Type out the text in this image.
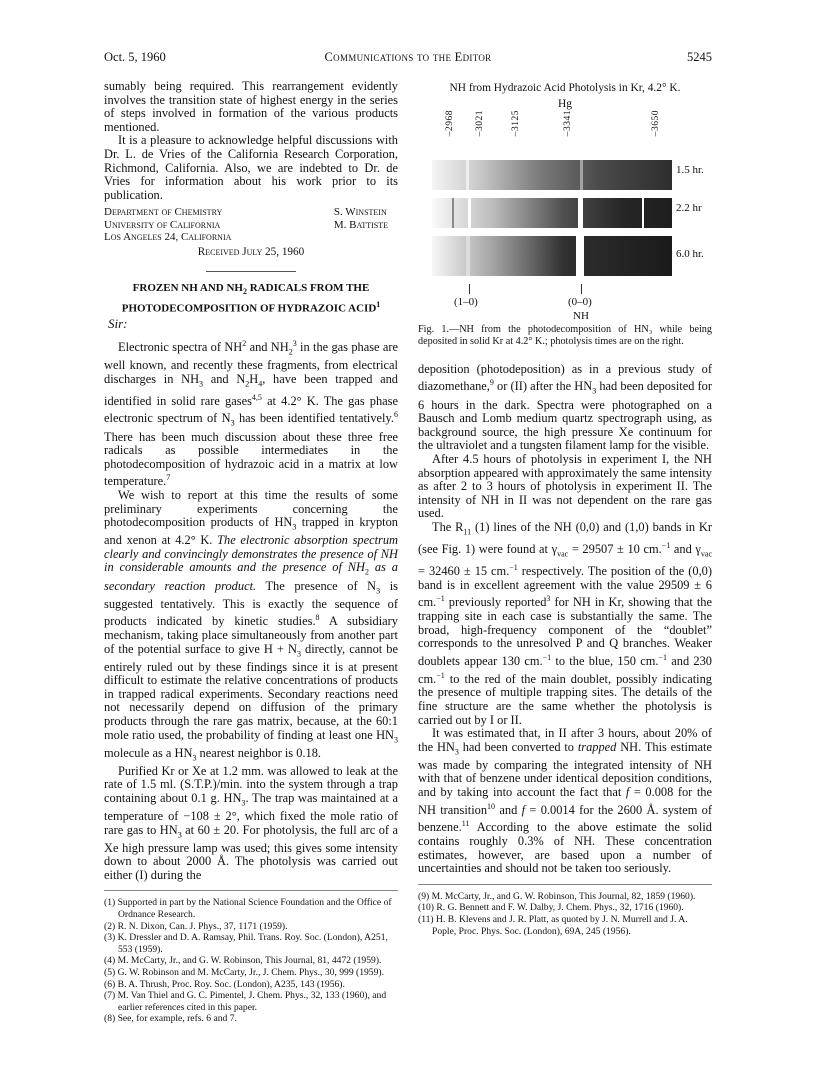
Oct. 5, 1960	Communications to the Editor	5245

sumably being required. This rearrangement evidently involves the transition state of highest energy in the series of steps involved in formation of the various products mentioned.

It is a pleasure to acknowledge helpful discussions with Dr. L. de Vries of the California Research Corporation, Richmond, California. Also, we are indebted to Dr. de Vries for information about his work prior to its publication.

Department of Chemistry
University of California
Los Angeles 24, California
S. Winstein
M. Battiste
Received July 25, 1960
FROZEN NH AND $NH_2$ RADICALS FROM THE
PHOTODECOMPOSITION OF HYDRAZOIC ACID$^1$
Sir:

Electronic spectra of $NH^2$ and $NH_2^3$ in the gas phase are well known, and recently these fragments, from electrical discharges in $NH_3$ and $N_2H_4$, have been trapped and identified in solid rare gases$^{4,5}$ at 4.2° K. The gas phase electronic spectrum of $N_3$ has been identified tentatively.$^6$ There has been much discussion about these three free radicals as possible intermediates in the photodecomposition of hydrazoic acid in a matrix at low temperature.$^7$

We wish to report at this time the results of some preliminary experiments concerning the photodecomposition products of $HN_3$ trapped in krypton and xenon at 4.2° K. The electronic absorption spectrum clearly and convincingly demonstrates the presence of NH in considerable amounts and the presence of $NH_2$ as a secondary reaction product. The presence of $N_3$ is suggested tentatively. This is exactly the sequence of products indicated by kinetic studies.$^8$ A subsidiary mechanism, taking place simultaneously from another part of the potential surface to give $H + N_3$ directly, cannot be entirely ruled out by these findings since it is at present difficult to estimate the relative concentrations of products in trapped radical experiments. Secondary reactions need not necessarily depend on diffusion of the primary products through the rare gas matrix, because, at the 60:1 mole ratio used, the probability of finding at least one $HN_3$ molecule as a $HN_3$ nearest neighbor is 0.18.

Purified Kr or Xe at 1.2 mm. was allowed to leak at the rate of 1.5 ml. (S.T.P.)/min. into the system through a trap containing about 0.1 g. $HN_3$. The trap was maintained at a temperature of −108 ± 2°, which fixed the mole ratio of rare gas to $HN_3$ at 60 ± 20. For photolysis, the full arc of a Xe high pressure lamp was used; this gives some intensity down to about 2000 Å. The photolysis was carried out either (I) during the

(1) Supported in part by the National Science Foundation and the Office of Ordnance Research.

(2) R. N. Dixon, Can. J. Phys., 37, 1171 (1959).

(3) K. Dressler and D. A. Ramsay, Phil. Trans. Roy. Soc. (London), A251, 553 (1959).

(4) M. McCarty, Jr., and G. W. Robinson, This Journal, 81, 4472 (1959).

(5) G. W. Robinson and M. McCarty, Jr., J. Chem. Phys., 30, 999 (1959).

(6) B. A. Thrush, Proc. Roy. Soc. (London), A235, 143 (1956).

(7) M. Van Thiel and G. C. Pimentel, J. Chem. Phys., 32, 133 (1960), and earlier references cited in this paper.

(8) See, for example, refs. 6 and 7.

NH from Hydrazoic Acid Photolysis in Kr, 4.2° K.
Hg
–2968
–3021
–3125
–3341
–3650
1.5 hr.
2.2 hr
6.0 hr.
(1–0)	(0–0)
NH
Fig. 1.—NH from the photodecomposition of HN₃ while being deposited in solid Kr at 4.2° K.; photolysis times are on the right.

deposition (photodeposition) as in a previous study of diazomethane,$^9$ or (II) after the $HN_3$ had been deposited for 6 hours in the dark. Spectra were photographed on a Bausch and Lomb medium quartz spectrograph using, as background source, the high pressure Xe continuum for the ultraviolet and a tungsten filament lamp for the visible.

After 4.5 hours of photolysis in experiment I, the NH absorption appeared with approximately the same intensity as after 2 to 3 hours of photolysis in experiment II. The intensity of NH in II was not dependent on the rare gas used.

The $R_{11}$ (1) lines of the NH (0,0) and (1,0) bands in Kr (see Fig. 1) were found at $\gamma_{vac} = 29507 \pm 10$ cm.$^{-1}$ and $\gamma_{vac} = 32460 \pm 15$ cm.$^{-1}$ respectively. The position of the (0,0) band is in excellent agreement with the value 29509 ± 6 cm.$^{-1}$ previously reported$^3$ for NH in Kr, showing that the trapping site in each case is substantially the same. The broad, high-frequency component of the “doublet” corresponds to the unresolved P and Q branches. Weaker doublets appear 130 cm.$^{-1}$ to the blue, 150 cm.$^{-1}$ and 230 cm.$^{-1}$ to the red of the main doublet, possibly indicating the presence of multiple trapping sites. The details of the fine structure are the same whether the photolysis is carried out by I or II.

It was estimated that, in II after 3 hours, about 20% of the $HN_3$ had been converted to trapped NH. This estimate was made by comparing the integrated intensity of NH with that of benzene under identical deposition conditions, and by taking into account the fact that f = 0.008 for the NH transition$^{10}$ and f = 0.0014 for the 2600 Å. system of benzene.$^{11}$ According to the above estimate the solid contains roughly 0.3% of NH. These concentration estimates, however, are based upon a number of uncertainties and should not be taken too seriously.

(9) M. McCarty, Jr., and G. W. Robinson, This Journal, 82, 1859 (1960).

(10) R. G. Bennett and F. W. Dalby, J. Chem. Phys., 32, 1716 (1960).

(11) H. B. Klevens and J. R. Platt, as quoted by J. N. Murrell and J. A. Pople, Proc. Phys. Soc. (London), 69A, 245 (1956).
